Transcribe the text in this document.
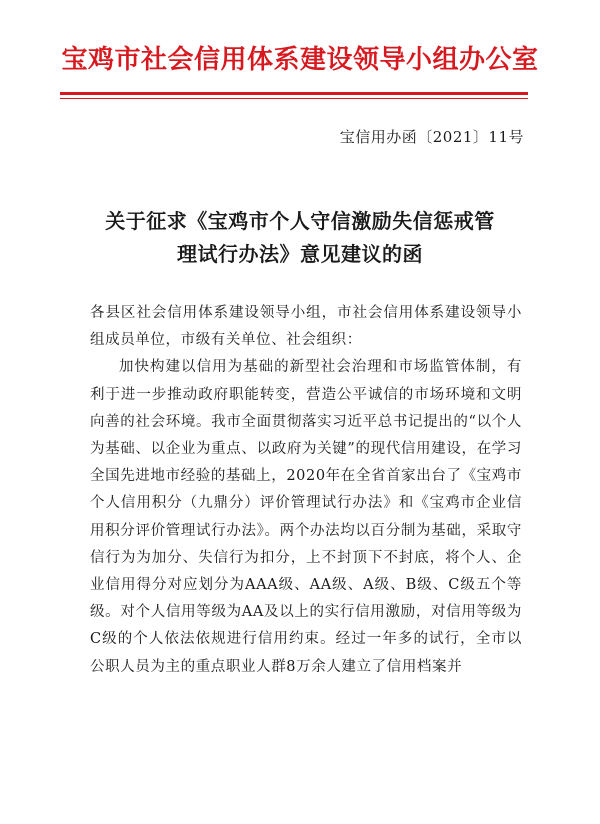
宝鸡市社会信用体系建设领导小组办公室
宝信用办函〔2021〕11号
关于征求《宝鸡市个人守信激励失信惩戒管
理试行办法》意见建议的函

各县区社会信用体系建设领导小组，市社会信用体系建设领导小组成员单位，市级有关单位、社会组织：

加快构建以信用为基础的新型社会治理和市场监管体制，有利于进一步推动政府职能转变，营造公平诚信的市场环境和文明向善的社会环境。我市全面贯彻落实习近平总书记提出的“以个人为基础、以企业为重点、以政府为关键”的现代信用建设，在学习全国先进地市经验的基础上，2020年在全省首家出台了《宝鸡市个人信用积分（九鼎分）评价管理试行办法》和《宝鸡市企业信用积分评价管理试行办法》。两个办法均以百分制为基础，采取守信行为为加分、失信行为扣分，上不封顶下不封底，将个人、企业信用得分对应划分为AAA级、AA级、A级、B级、C级五个等级。对个人信用等级为AA及以上的实行信用激励，对信用等级为C级的个人依法依规进行信用约束。经过一年多的试行，全市以公职人员为主的重点职业人群8万余人建立了信用档案并
